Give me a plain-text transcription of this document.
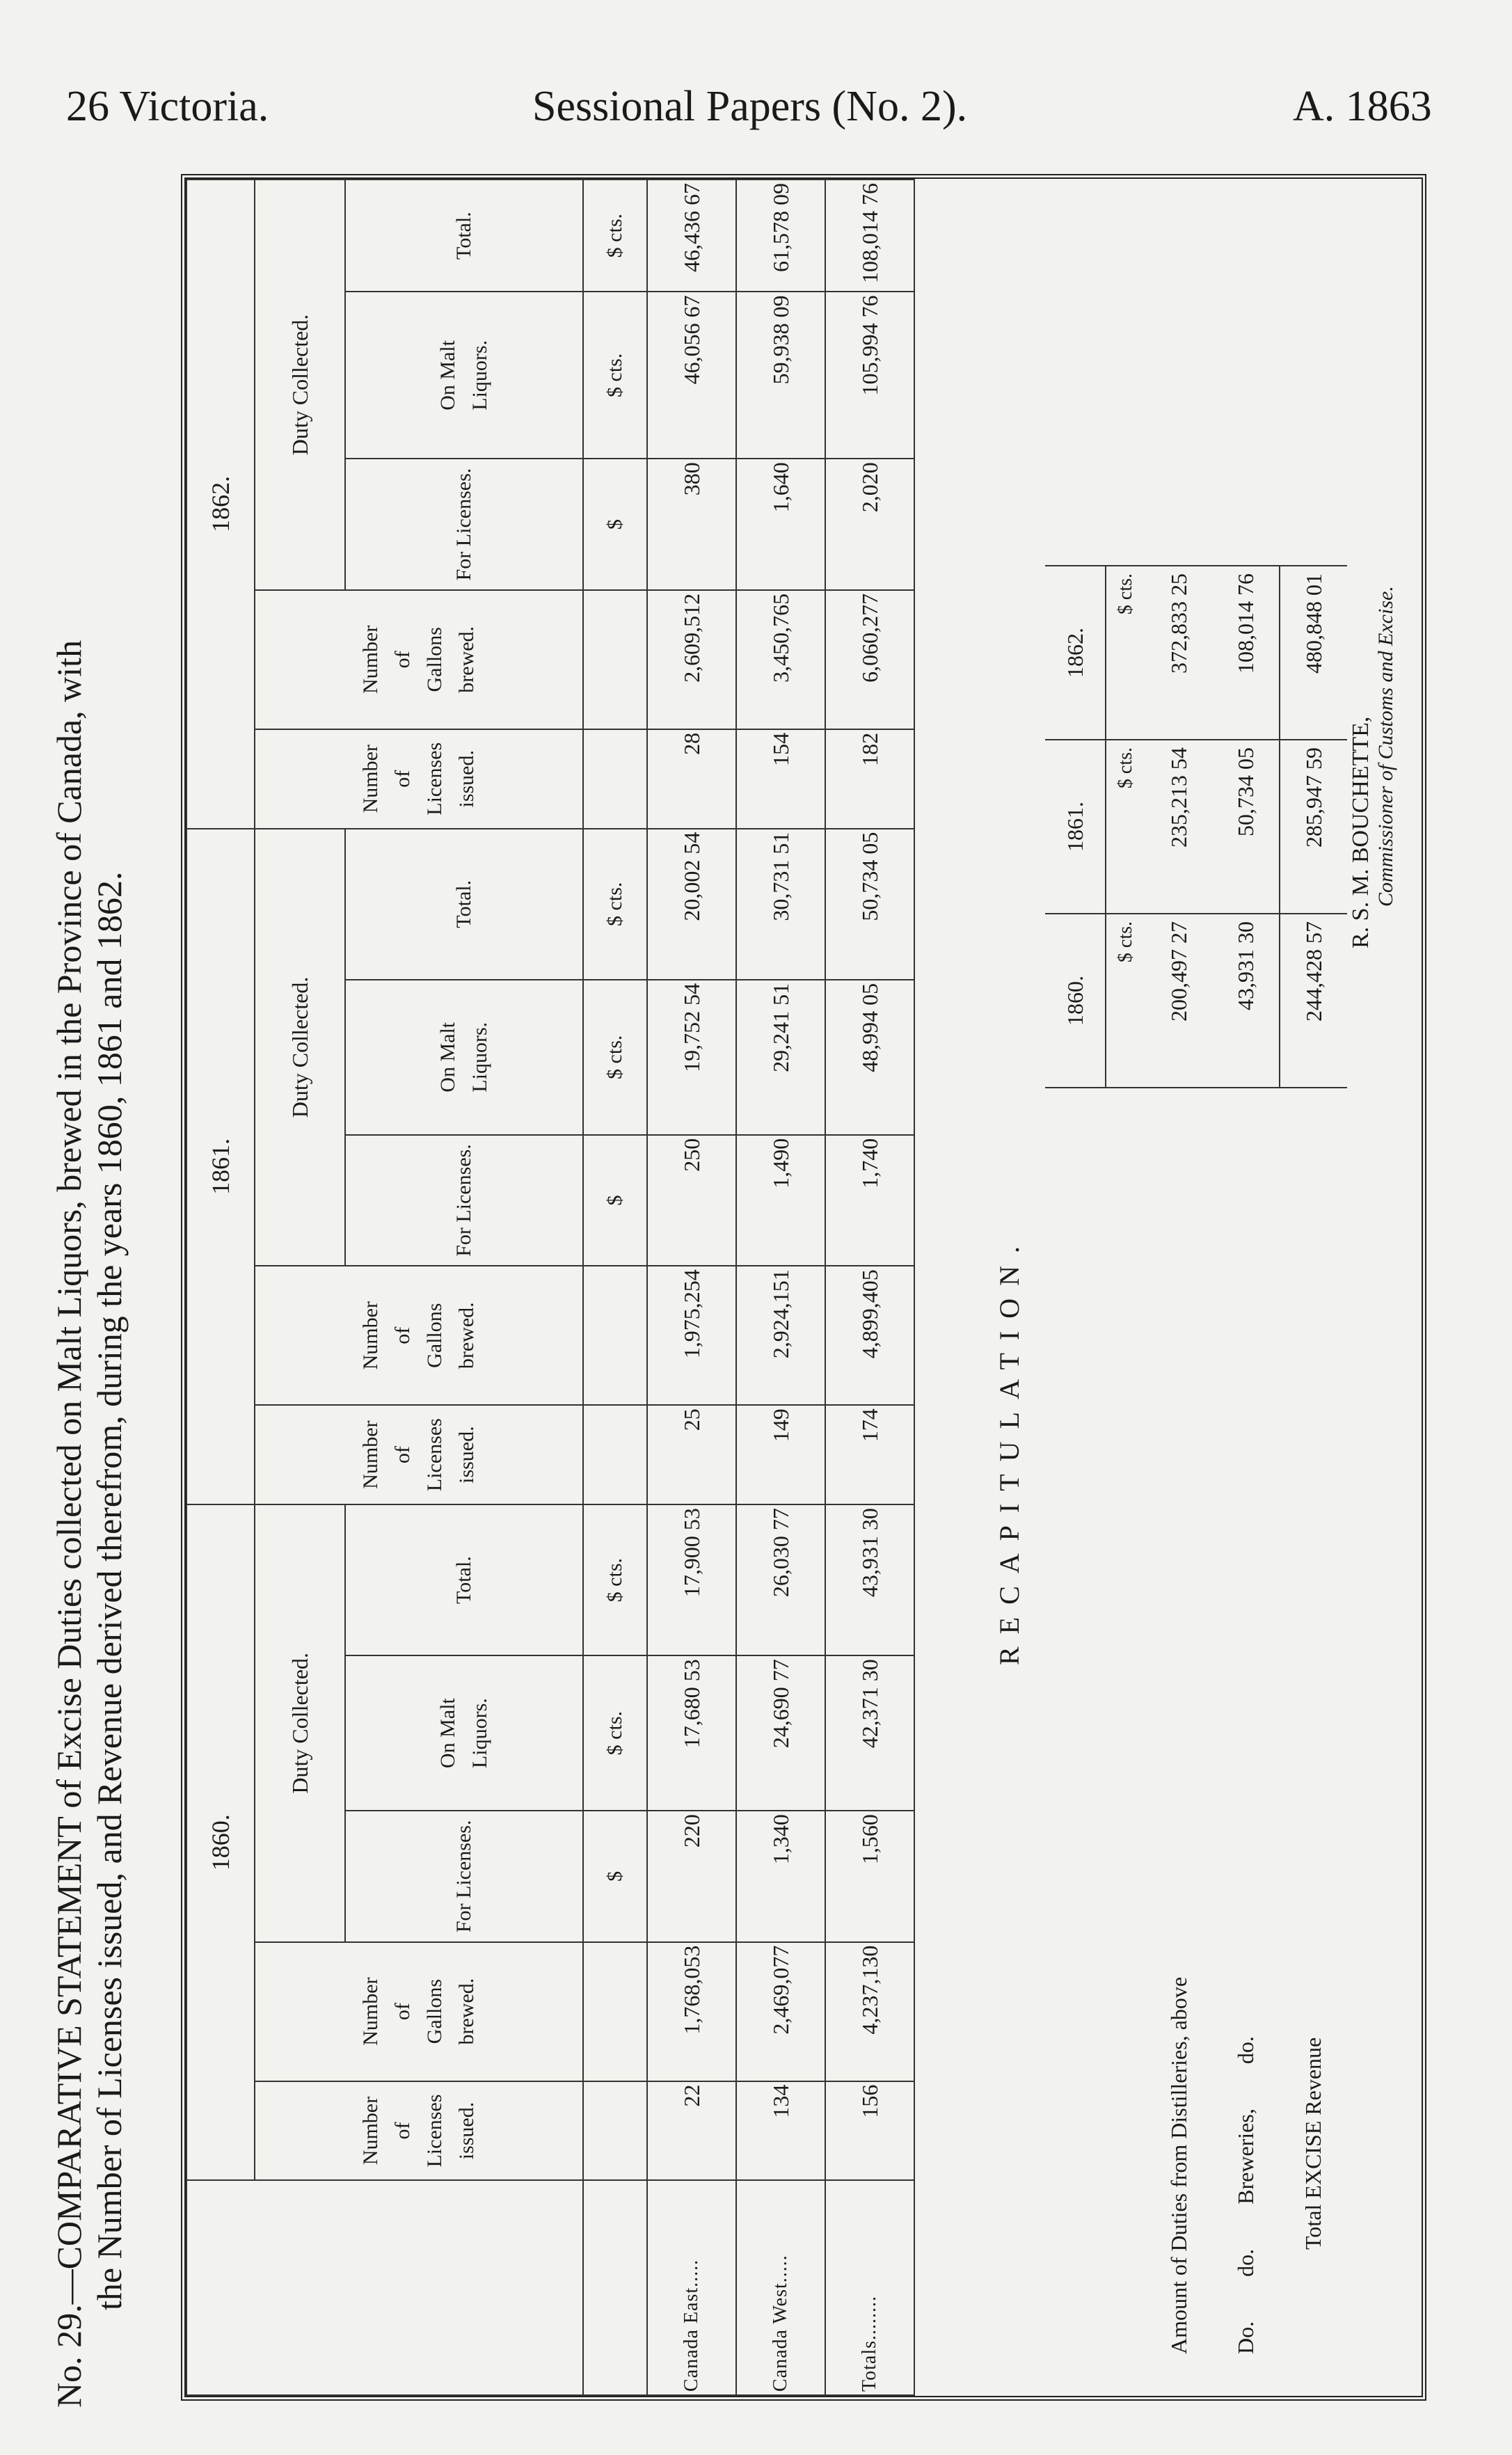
26 Victoria.	Sessional Papers (No. 2).	A. 1863
No. 29.—COMPARATIVE STATEMENT of Excise Duties collected on Malt Liquors, brewed in the Province of Canada, with the Number of Licenses issued, and Revenue derived therefrom, during the years 1860, 1861 and 1862.
		1860.					1861.					1862.				
	Number of Licenses issued.	Number of Gallons brewed.	Duty Collected.			Number of Licenses issued.	Number of Gallons brewed.	Duty Collected.			Number of Licenses issued.	Number of Gallons brewed.	Duty Collected.		
			For Licenses.	On Malt Liquors.	Total.			For Licenses.	On Malt Liquors.	Total.			For Licenses.	On Malt Liquors.	Total.
			$	$ cts.	$ cts.			$	$ cts.	$ cts.			$	$ cts.	$ cts.
Canada East.....	22	1,768,053	220	17,680 53	17,900 53	25	1,975,254	250	19,752 54	20,002 54	28	2,609,512	380	46,056 67	46,436 67
Canada West.....	134	2,469,077	1,340	24,690 77	26,030 77	149	2,924,151	1,490	29,241 51	30,731 51	154	3,450,765	1,640	59,938 09	61,578 09
Totals........	156	4,237,130	1,560	42,371 30	43,931 30	174	4,899,405	1,740	48,994 05	50,734 05	182	6,060,277	2,020	105,994 76	108,014 76
RECAPITULATION.
	1860.	1861.	1862.	
	$ cts.	$ cts.	$ cts.	
Amount of Duties from Distilleries, above	200,497 27	235,213 54	372,833 25	
Do.        do.        Breweries,        do.	43,931 30	50,734 05	108,014 76	
Total EXCISE Revenue	244,428 57	285,947 59	480,848 01	
R. S. M. BOUCHETTE, Commissioner of Customs and Excise.
